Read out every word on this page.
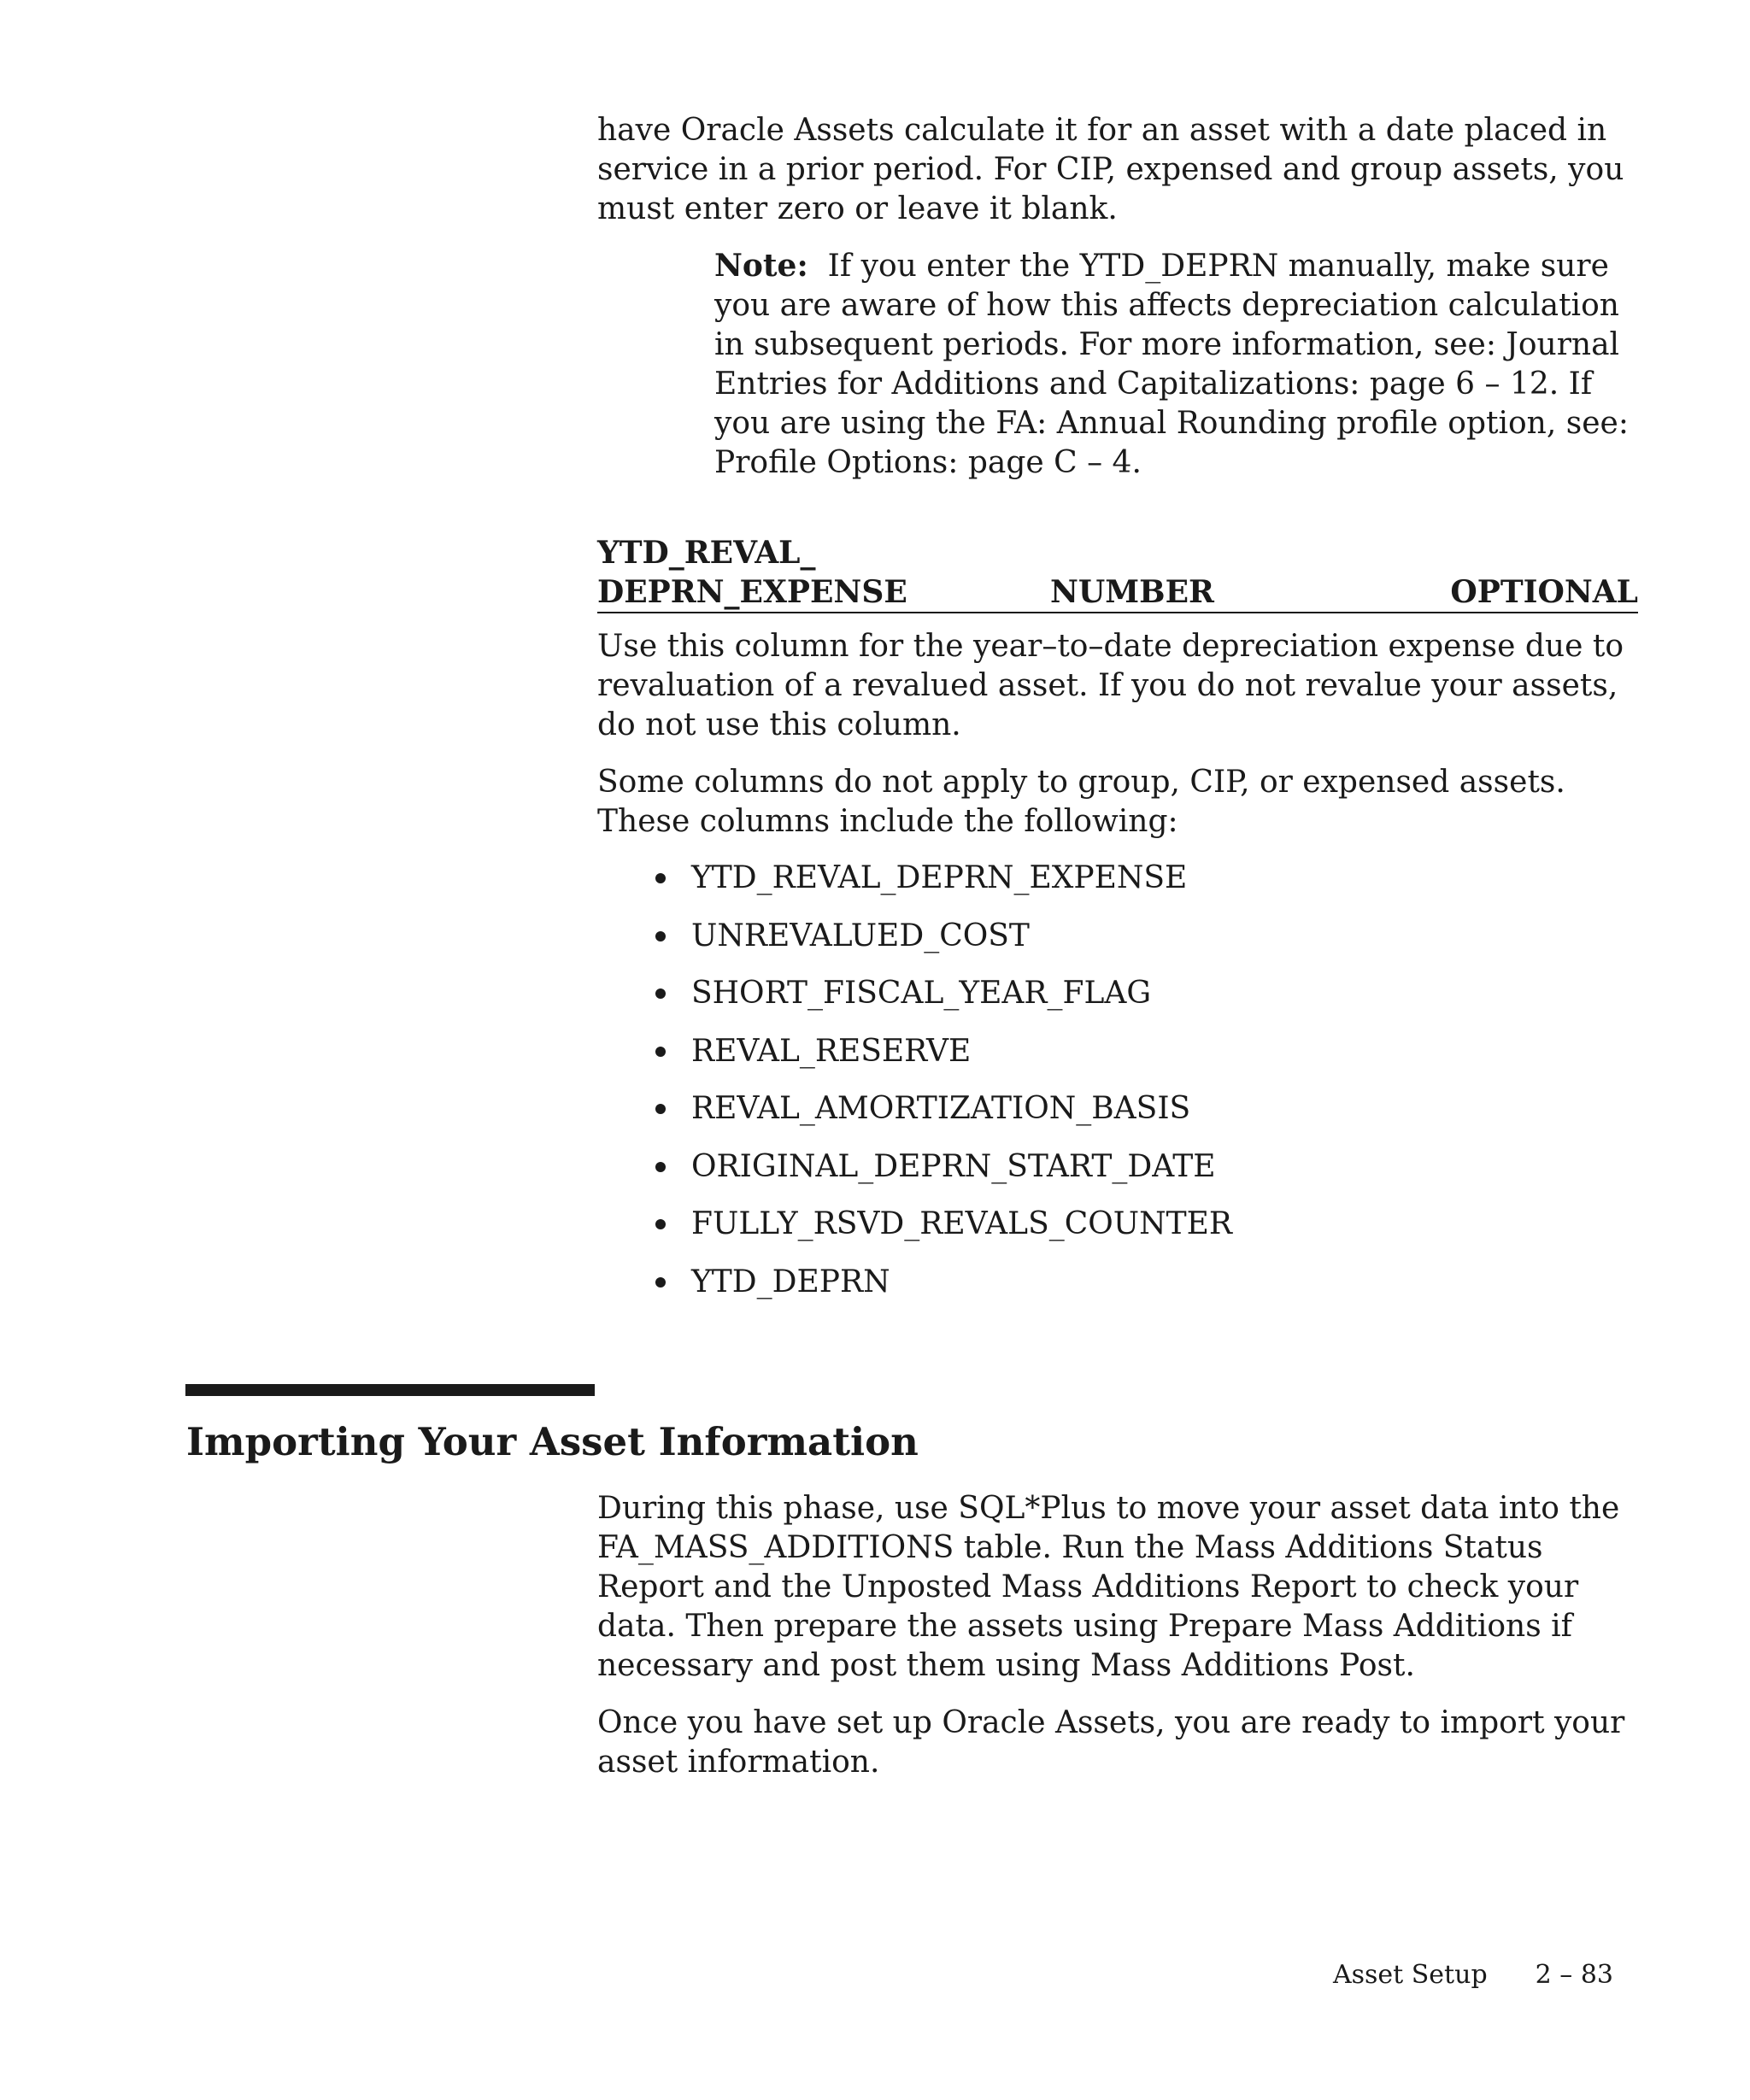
have Oracle Assets calculate it for an asset with a date placed in service in a prior period. For CIP, expensed and group assets, you must enter zero or leave it blank.

Note: If you enter the YTD_DEPRN manually, make sure you are aware of how this affects depreciation calculation in subsequent periods. For more information, see: Journal Entries for Additions and Capitalizations: page 6 – 12. If you are using the FA: Annual Rounding profile option, see: Profile Options: page C – 4.

YTD_REVAL_
DEPRN_EXPENSE	NUMBER	OPTIONAL

Use this column for the year–to–date depreciation expense due to revaluation of a revalued asset. If you do not revalue your assets, do not use this column.

Some columns do not apply to group, CIP, or expensed assets. These columns include the following:

YTD_REVAL_DEPRN_EXPENSE
UNREVALUED_COST
SHORT_FISCAL_YEAR_FLAG
REVAL_RESERVE
REVAL_AMORTIZATION_BASIS
ORIGINAL_DEPRN_START_DATE
FULLY_RSVD_REVALS_COUNTER
YTD_DEPRN
Importing Your Asset Information

During this phase, use SQL*Plus to move your asset data into the FA_MASS_ADDITIONS table. Run the Mass Additions Status Report and the Unposted Mass Additions Report to check your data. Then prepare the assets using Prepare Mass Additions if necessary and post them using Mass Additions Post.

Once you have set up Oracle Assets, you are ready to import your asset information.

Asset Setup 2 – 83
